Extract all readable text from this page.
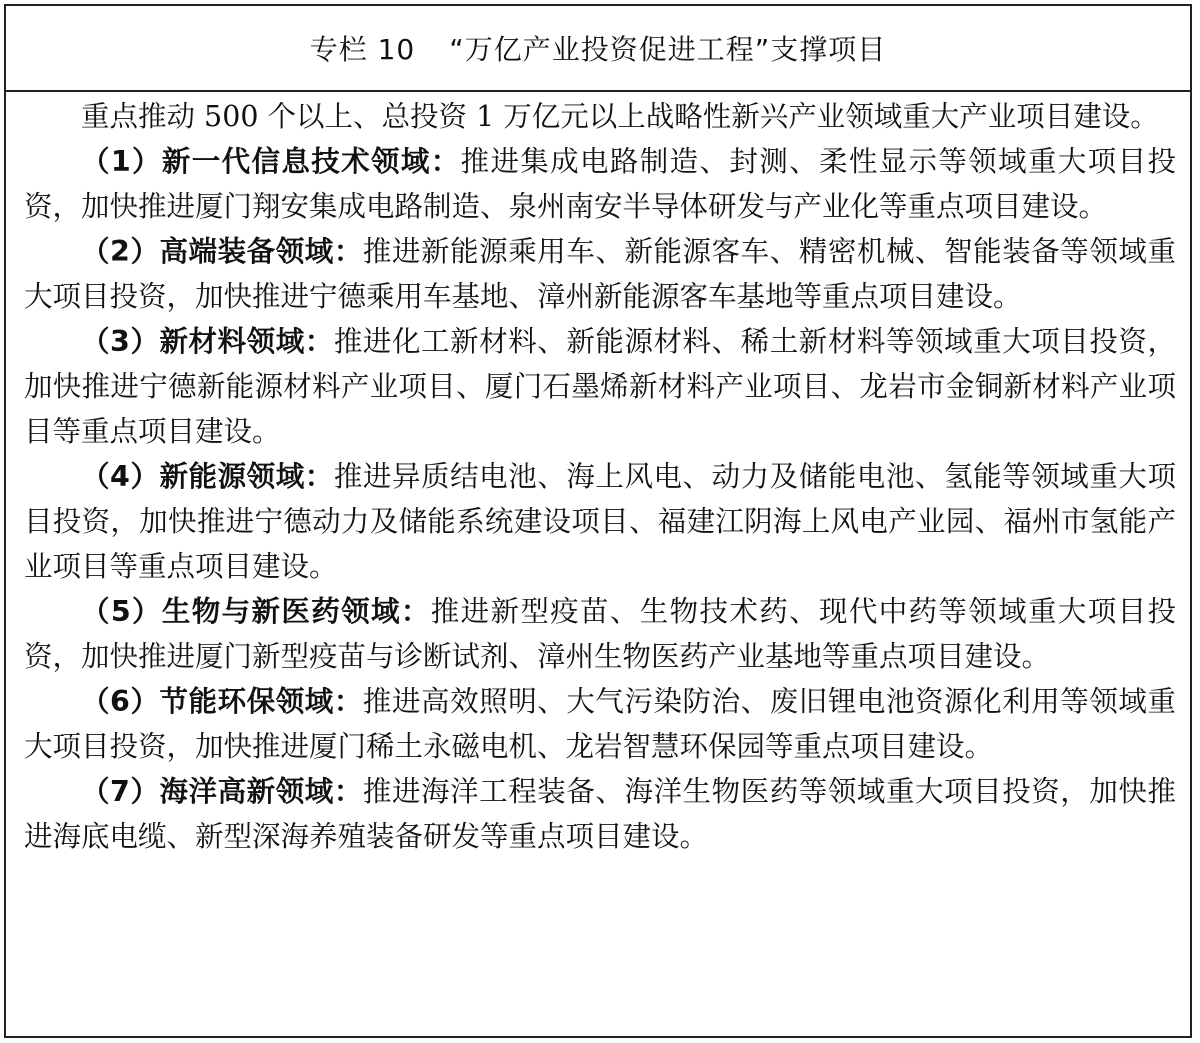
专栏 10 “万亿产业投资促进工程”支撑项目

重点推动 500 个以上、总投资 1 万亿元以上战略性新兴产业领域重大产业项目建设。

（1）新一代信息技术领域：推进集成电路制造、封测、柔性显示等领域重大项目投资，加快推进厦门翔安集成电路制造、泉州南安半导体研发与产业化等重点项目建设。

（2）高端装备领域：推进新能源乘用车、新能源客车、精密机械、智能装备等领域重大项目投资，加快推进宁德乘用车基地、漳州新能源客车基地等重点项目建设。

（3）新材料领域：推进化工新材料、新能源材料、稀土新材料等领域重大项目投资，加快推进宁德新能源材料产业项目、厦门石墨烯新材料产业项目、龙岩市金铜新材料产业项目等重点项目建设。

（4）新能源领域：推进异质结电池、海上风电、动力及储能电池、氢能等领域重大项目投资，加快推进宁德动力及储能系统建设项目、福建江阴海上风电产业园、福州市氢能产业项目等重点项目建设。

（5）生物与新医药领域：推进新型疫苗、生物技术药、现代中药等领域重大项目投资，加快推进厦门新型疫苗与诊断试剂、漳州生物医药产业基地等重点项目建设。

（6）节能环保领域：推进高效照明、大气污染防治、废旧锂电池资源化利用等领域重大项目投资，加快推进厦门稀土永磁电机、龙岩智慧环保园等重点项目建设。

（7）海洋高新领域：推进海洋工程装备、海洋生物医药等领域重大项目投资，加快推进海底电缆、新型深海养殖装备研发等重点项目建设。
